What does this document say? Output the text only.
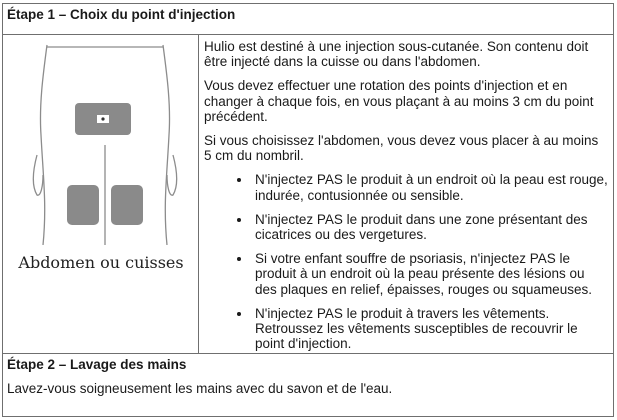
Étape 1 – Choix du point d'injection
Abdomen ou cuisses

Hulio est destiné à une injection sous-cutanée. Son contenu doit être injecté dans la cuisse ou dans l'abdomen.

Vous devez effectuer une rotation des points d'injection et en changer à chaque fois, en vous plaçant à au moins 3 cm du point précédent.

Si vous choisissez l'abdomen, vous devez vous placer à au moins 5 cm du nombril.

• N'injectez PAS le produit à un endroit où la peau est rouge, indurée, contusionnée ou sensible.
• N'injectez PAS le produit dans une zone présentant des cicatrices ou des vergetures.
• Si votre enfant souffre de psoriasis, n'injectez PAS le produit à un endroit où la peau présente des lésions ou des plaques en relief, épaisses, rouges ou squameuses.
• N'injectez PAS le produit à travers les vêtements. Retroussez les vêtements susceptibles de recouvrir le point d'injection.
Étape 2 – Lavage des mains
Lavez-vous soigneusement les mains avec du savon et de l'eau.
